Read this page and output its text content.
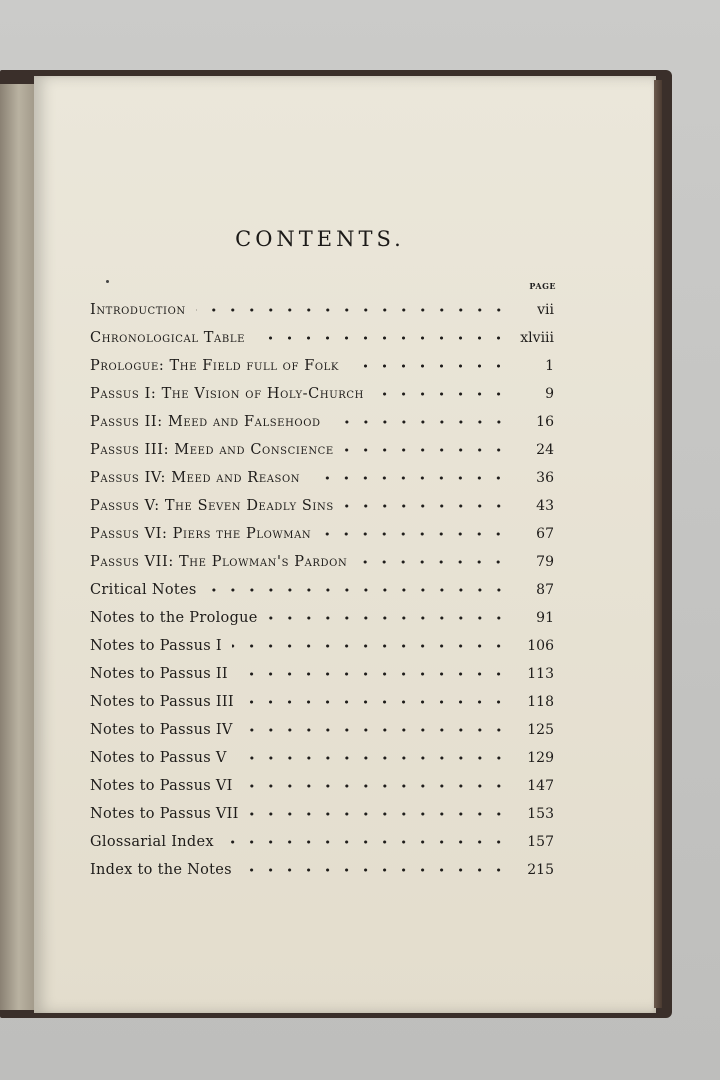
CONTENTS.
PAGE
Introduction	vii
Chronological Table	xlviii
Prologue: The Field full of Folk	1
Passus I: The Vision of Holy-Church	9
Passus II: Meed and Falsehood	16
Passus III: Meed and Conscience	24
Passus IV: Meed and Reason	36
Passus V: The Seven Deadly Sins	43
Passus VI: Piers the Plowman	67
Passus VII: The Plowman's Pardon	79
Critical Notes	87
Notes to the Prologue	91
Notes to Passus I	106
Notes to Passus II	113
Notes to Passus III	118
Notes to Passus IV	125
Notes to Passus V	129
Notes to Passus VI	147
Notes to Passus VII	153
Glossarial Index	157
Index to the Notes	215
